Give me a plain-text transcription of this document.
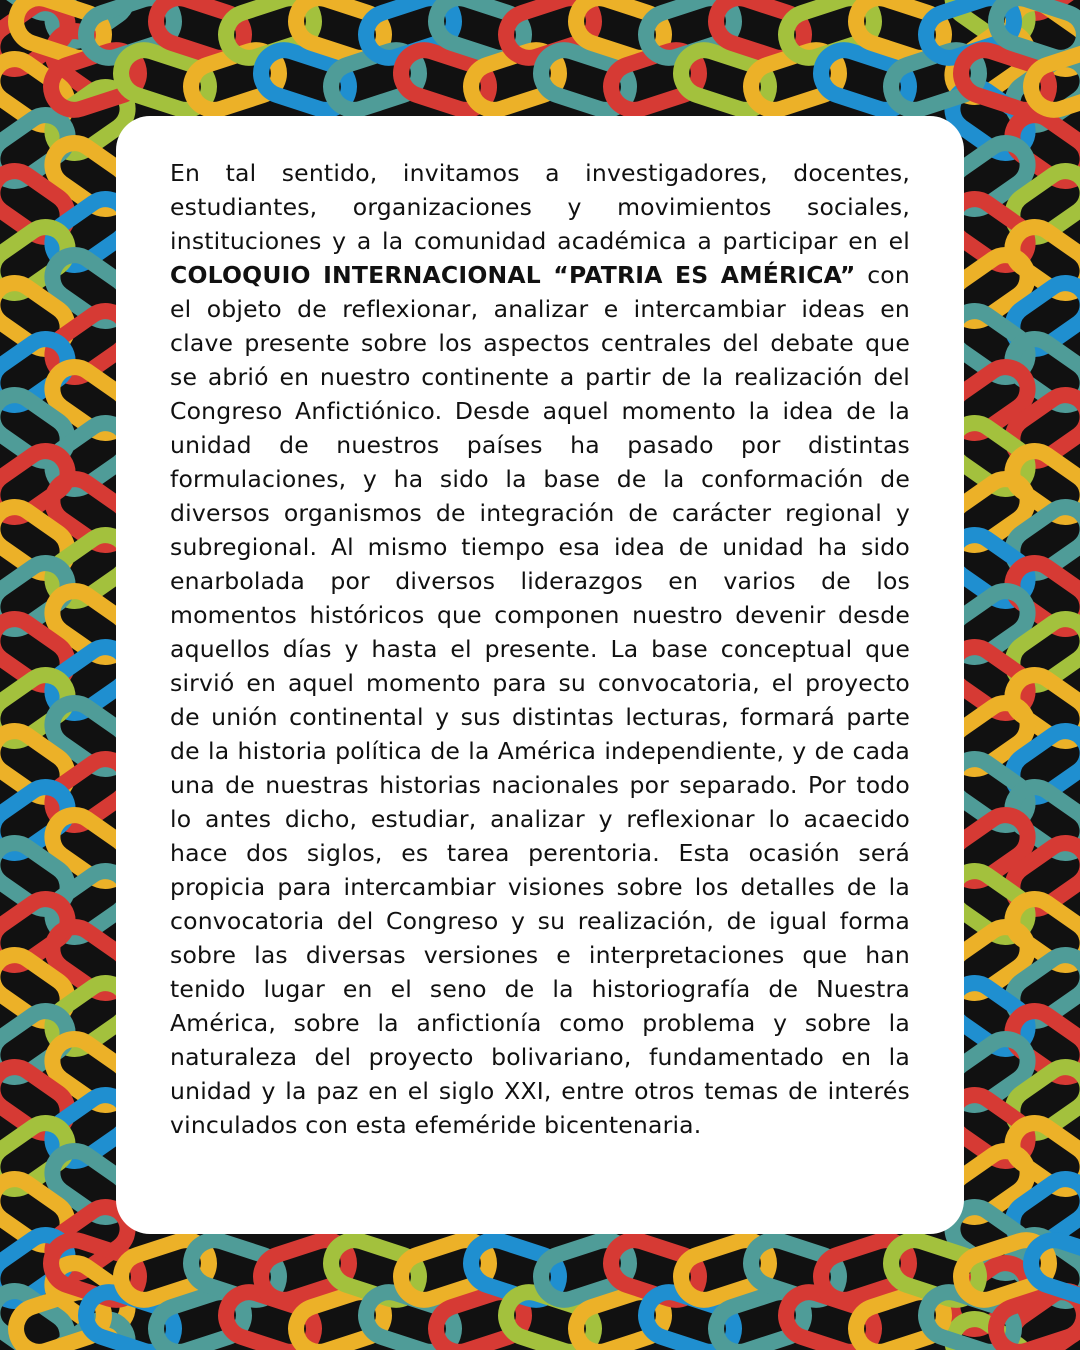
En tal sentido, invitamos a investigadores, docentes, estudiantes, organizaciones y movimientos sociales, instituciones y a la comunidad académica a participar en el COLOQUIO INTERNACIONAL “PATRIA ES AMÉRICA” con el objeto de reflexionar, analizar e intercambiar ideas en clave presente sobre los aspectos centrales del debate que se abrió en nuestro continente a partir de la realización del Congreso Anfictiónico. Desde aquel momento la idea de la unidad de nuestros países ha pasado por distintas formulaciones, y ha sido la base de la conformación de diversos organismos de integración de carácter regional y subregional. Al mismo tiempo esa idea de unidad ha sido enarbolada por diversos liderazgos en varios de los momentos históricos que componen nuestro devenir desde aquellos días y hasta el presente. La base conceptual que sirvió en aquel momento para su convocatoria, el proyecto de unión continental y sus distintas lecturas, formará parte de la historia política de la América independiente, y de cada una de nuestras historias nacionales por separado. Por todo lo antes dicho, estudiar, analizar y reflexionar lo acaecido hace dos siglos, es tarea perentoria. Esta ocasión será propicia para intercambiar visiones sobre los detalles de la convocatoria del Congreso y su realización, de igual forma sobre las diversas versiones e interpretaciones que han tenido lugar en el seno de la historiografía de Nuestra América, sobre la anfictionía como problema y sobre la naturaleza del proyecto bolivariano, fundamentado en la unidad y la paz en el siglo XXI, entre otros temas de interés vinculados con esta efeméride bicentenaria.
